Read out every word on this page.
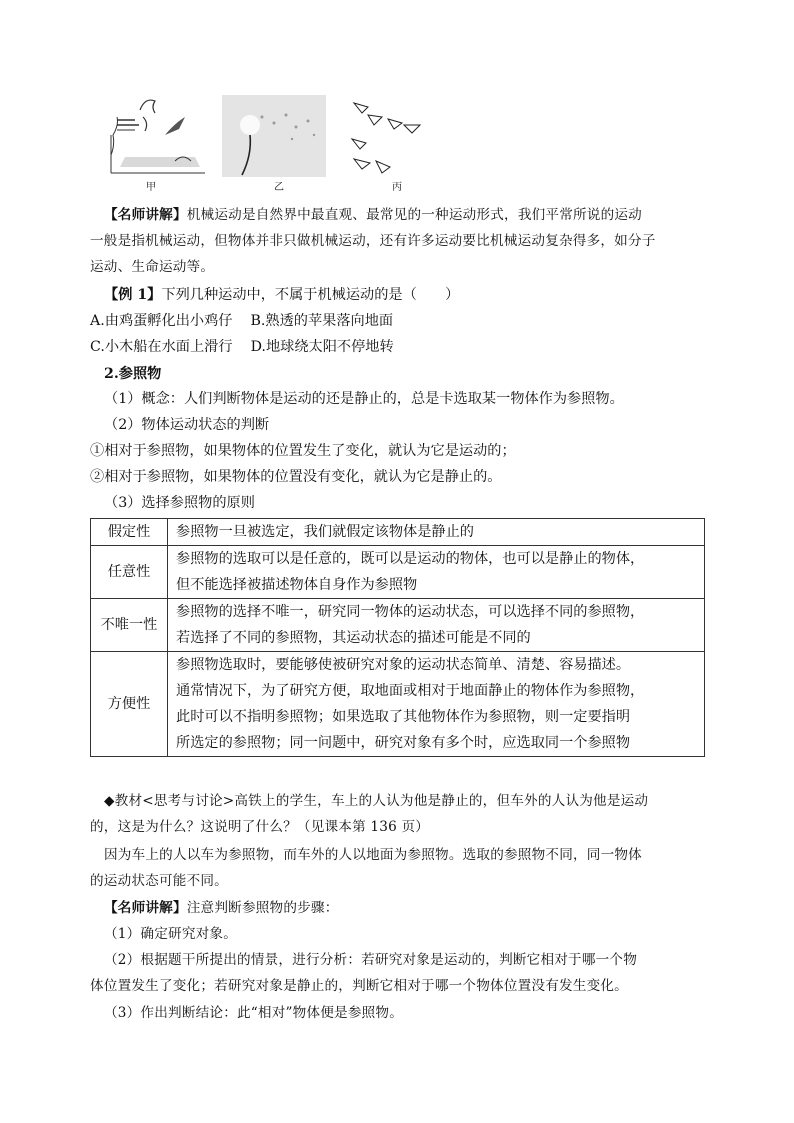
甲	乙	丙
【名师讲解】机械运动是自然界中最直观、最常见的一种运动形式，我们平常所说的运动
一般是指机械运动，但物体并非只做机械运动，还有许多运动要比机械运动复杂得多，如分子
运动、生命运动等。
【例 1】下列几种运动中，不属于机械运动的是（　　）
A.由鸡蛋孵化出小鸡仔 B.熟透的苹果落向地面
C.小木船在水面上滑行 D.地球绕太阳不停地转
2.参照物
（1）概念：人们判断物体是运动的还是静止的，总是卡选取某一物体作为参照物。
（2）物体运动状态的判断
①相对于参照物，如果物体的位置发生了变化，就认为它是运动的；
②相对于参照物，如果物体的位置没有变化，就认为它是静止的。
（3）选择参照物的原则
假定性	参照物一旦被选定，我们就假定该物体是静止的

任意性	参照物的选取可以是任意的，既可以是运动的物体，也可以是静止的物体，
但不能选择被描述物体自身作为参照物

不唯一性	参照物的选择不唯一，研究同一物体的运动状态，可以选择不同的参照物，
若选择了不同的参照物，其运动状态的描述可能是不同的

方便性	参照物选取时，要能够使被研究对象的运动状态简单、清楚、容易描述。
通常情况下，为了研究方便，取地面或相对于地面静止的物体作为参照物，
此时可以不指明参照物；如果选取了其他物体作为参照物，则一定要指明
所选定的参照物；同一问题中，研究对象有多个时，应选取同一个参照物
◆教材<思考与讨论>高铁上的学生，车上的人认为他是静止的，但车外的人认为他是运动
的，这是为什么？这说明了什么？（见课本第 136 页）
因为车上的人以车为参照物，而车外的人以地面为参照物。选取的参照物不同，同一物体
的运动状态可能不同。
【名师讲解】注意判断参照物的步骤：
（1）确定研究对象。
（2）根据题干所提出的情景，进行分析：若研究对象是运动的，判断它相对于哪一个物
体位置发生了变化；若研究对象是静止的，判断它相对于哪一个物体位置没有发生变化。
（3）作出判断结论：此“相对”物体便是参照物。
